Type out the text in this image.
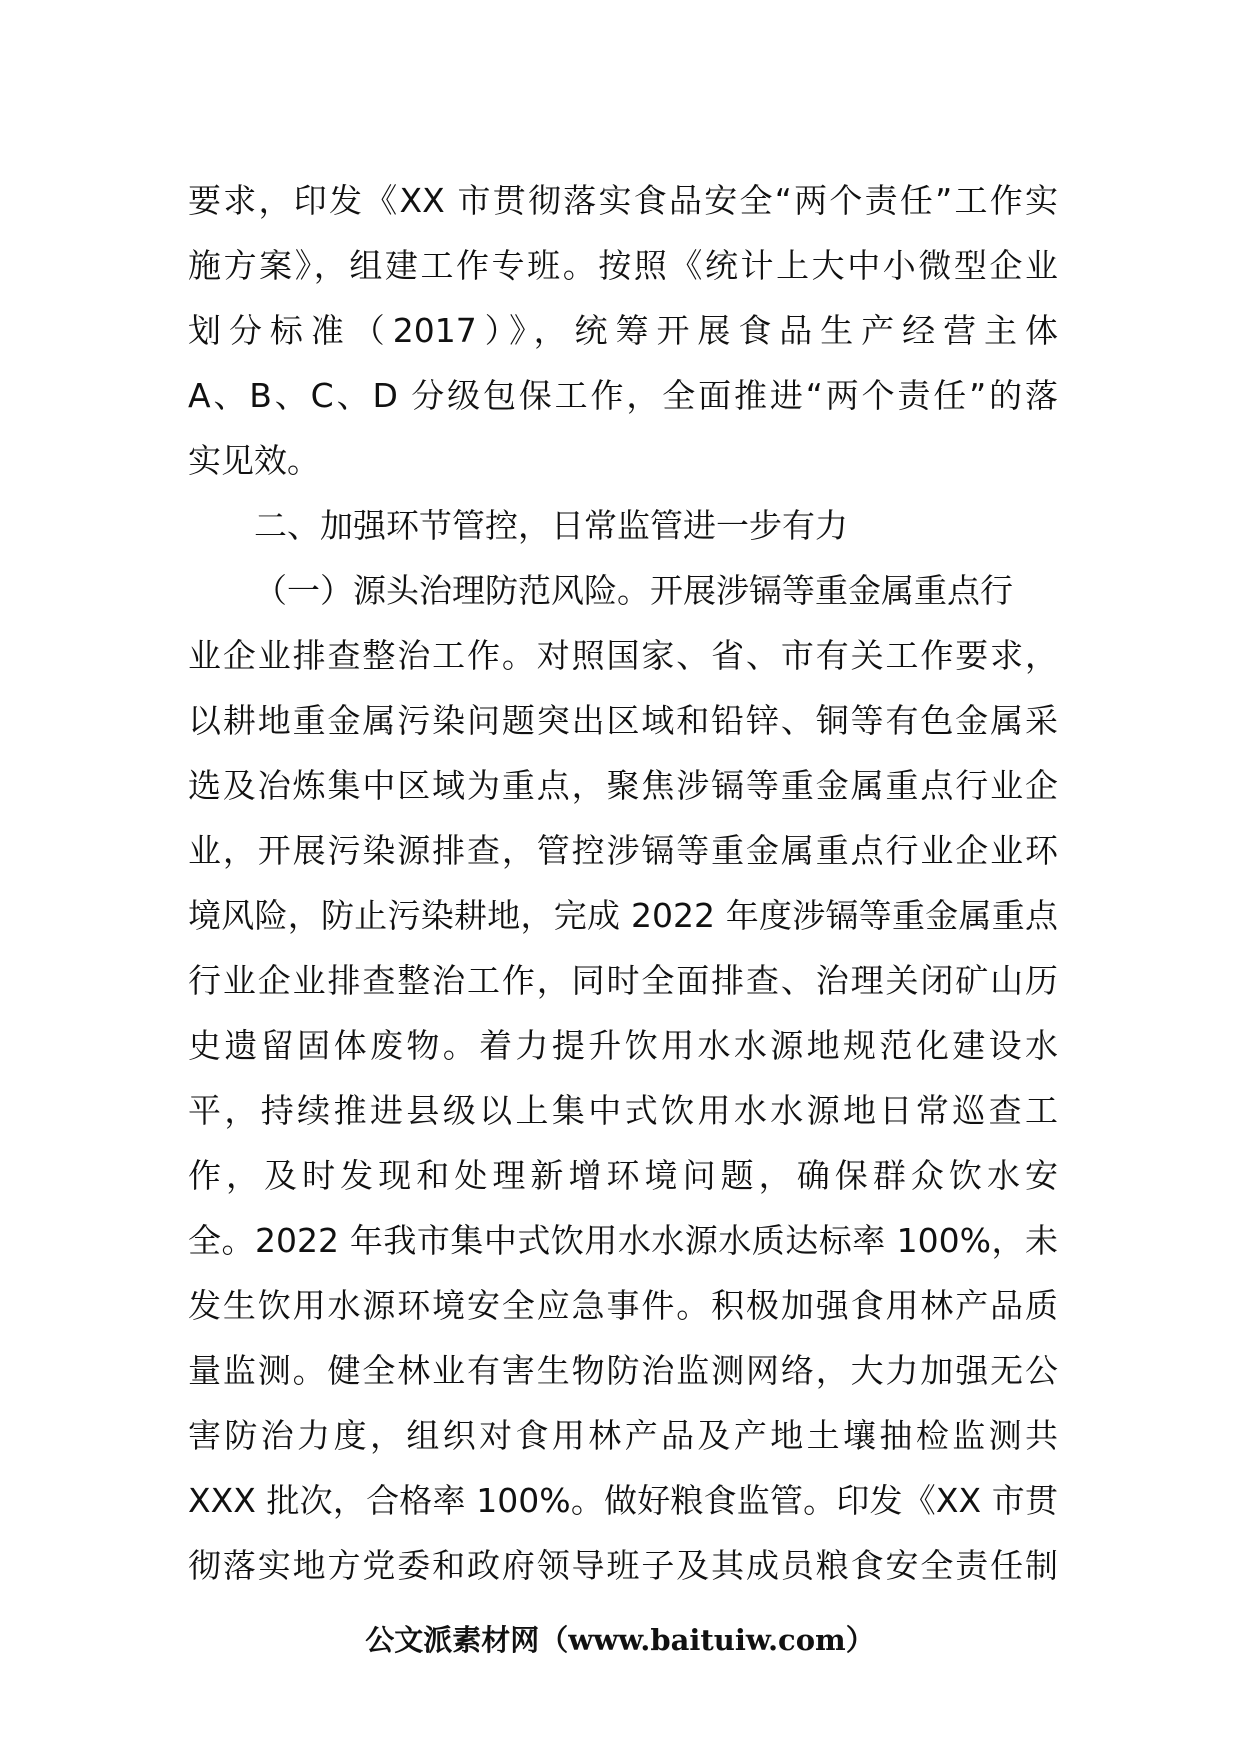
要求，印发《XX 市贯彻落实食品安全“两个责任”工作实
施方案》，组建工作专班。按照《统计上大中小微型企业
划分标准（2017）》，统筹开展食品生产经营主体
A、B、C、D 分级包保工作，全面推进“两个责任”的落
实见效。
二、加强环节管控，日常监管进一步有力
（一）源头治理防范风险。开展涉镉等重金属重点行
业企业排查整治工作。对照国家、省、市有关工作要求，
以耕地重金属污染问题突出区域和铅锌、铜等有色金属采
选及冶炼集中区域为重点，聚焦涉镉等重金属重点行业企
业，开展污染源排查，管控涉镉等重金属重点行业企业环
境风险，防止污染耕地，完成 2022 年度涉镉等重金属重点
行业企业排查整治工作，同时全面排查、治理关闭矿山历
史遗留固体废物。着力提升饮用水水源地规范化建设水
平，持续推进县级以上集中式饮用水水源地日常巡查工
作，及时发现和处理新增环境问题，确保群众饮水安
全。2022 年我市集中式饮用水水源水质达标率 100%，未
发生饮用水源环境安全应急事件。积极加强食用林产品质
量监测。健全林业有害生物防治监测网络，大力加强无公
害防治力度，组织对食用林产品及产地土壤抽检监测共
XXX 批次，合格率 100%。做好粮食监管。印发《XX 市贯
彻落实地方党委和政府领导班子及其成员粮食安全责任制
公文派素材网（www.baituiw.com）
